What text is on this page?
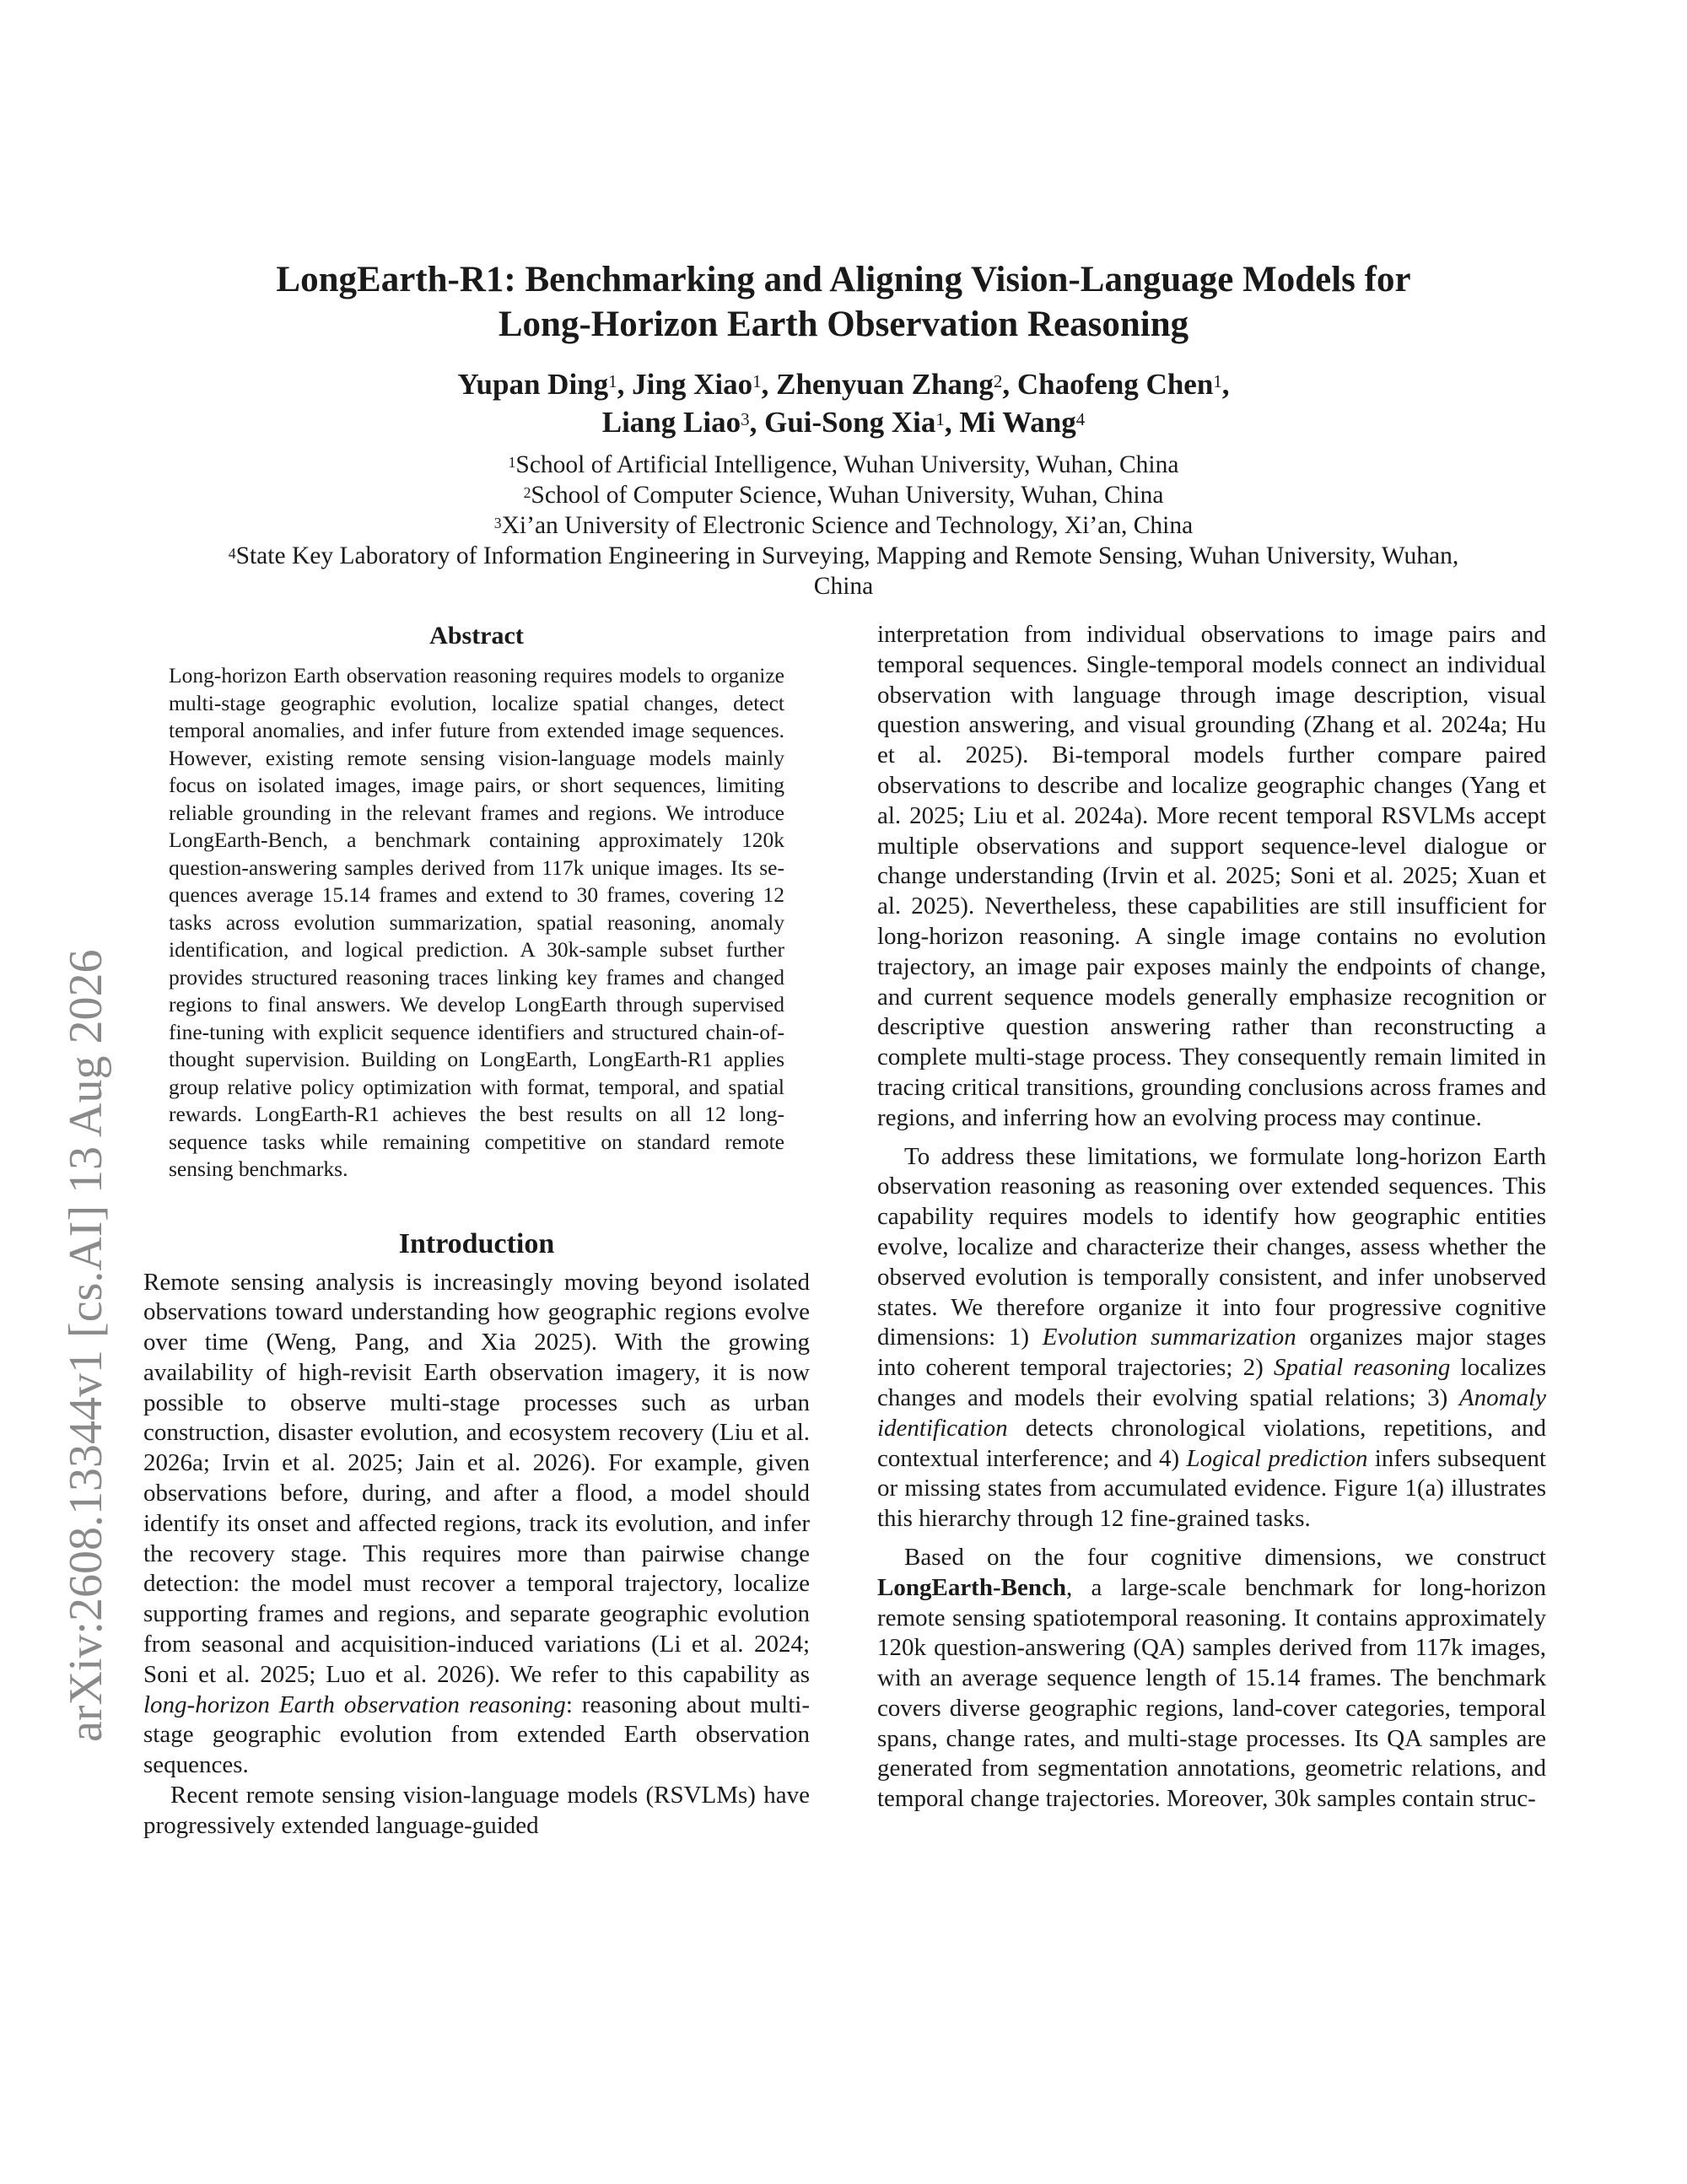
arXiv:2608.13344v1 [cs.AI] 13 Aug 2026
LongEarth-R1: Benchmarking and Aligning Vision-Language Models for
Long-Horizon Earth Observation Reasoning
Yupan Ding$^1$, Jing Xiao$^1$, Zhenyuan Zhang$^2$, Chaofeng Chen$^1$,
Liang Liao$^3$, Gui-Song Xia$^1$, Mi Wang$^4$
$^1$School of Artificial Intelligence, Wuhan University, Wuhan, China
$^2$School of Computer Science, Wuhan University, Wuhan, China
$^3$Xi’an University of Electronic Science and Technology, Xi’an, China
$^4$State Key Laboratory of Information Engineering in Surveying, Mapping and Remote Sensing, Wuhan University, Wuhan,
China
Abstract

Long-horizon Earth observation reasoning requires models to organize multi-stage geographic evolution, localize spatial changes, detect temporal anomalies, and infer future from extended image sequences. However, existing remote sensing vision-language models mainly focus on isolated images, image pairs, or short sequences, limiting reliable grounding in the relevant frames and regions. We introduce LongEarth-Bench, a benchmark containing approximately 120k question-answering samples derived from 117k unique images. Its sequences average 15.14 frames and extend to 30 frames, covering 12 tasks across evolution summarization, spatial reasoning, anomaly identification, and logical prediction. A 30k-sample subset further provides structured reasoning traces linking key frames and changed regions to final answers. We develop LongEarth through supervised fine-tuning with explicit sequence identifiers and structured chain-of-thought supervision. Building on LongEarth, LongEarth-R1 applies group relative policy optimization with format, temporal, and spatial rewards. LongEarth-R1 achieves the best results on all 12 long-sequence tasks while remaining competitive on standard remote sensing benchmarks.

Introduction

Remote sensing analysis is increasingly moving beyond isolated observations toward understanding how geographic regions evolve over time (Weng, Pang, and Xia 2025). With the growing availability of high-revisit Earth observation imagery, it is now possible to observe multi-stage processes such as urban construction, disaster evolution, and ecosystem recovery (Liu et al. 2026a; Irvin et al. 2025; Jain et al. 2026). For example, given observations before, during, and after a flood, a model should identify its onset and affected regions, track its evolution, and infer the recovery stage. This requires more than pairwise change detection: the model must recover a temporal trajectory, localize supporting frames and regions, and separate geographic evolution from seasonal and acquisition-induced variations (Li et al. 2024; Soni et al. 2025; Luo et al. 2026). We refer to this capability as long-horizon Earth observation reasoning: reasoning about multi-stage geographic evolution from extended Earth observation sequences.

Recent remote sensing vision-language models (RSVLMs) have progressively extended language-guided

interpretation from individual observations to image pairs and temporal sequences. Single-temporal models connect an individual observation with language through image description, visual question answering, and visual grounding (Zhang et al. 2024a; Hu et al. 2025). Bi-temporal models further compare paired observations to describe and localize geographic changes (Yang et al. 2025; Liu et al. 2024a). More recent temporal RSVLMs accept multiple observations and support sequence-level dialogue or change understanding (Irvin et al. 2025; Soni et al. 2025; Xuan et al. 2025). Nevertheless, these capabilities are still insufficient for long-horizon reasoning. A single image contains no evolution trajectory, an image pair exposes mainly the endpoints of change, and current sequence models generally emphasize recognition or descriptive question answering rather than reconstructing a complete multi-stage process. They consequently remain limited in tracing critical transitions, grounding conclusions across frames and regions, and inferring how an evolving process may continue.

To address these limitations, we formulate long-horizon Earth observation reasoning as reasoning over extended sequences. This capability requires models to identify how geographic entities evolve, localize and characterize their changes, assess whether the observed evolution is temporally consistent, and infer unobserved states. We therefore organize it into four progressive cognitive dimensions: 1) Evolution summarization organizes major stages into coherent temporal trajectories; 2) Spatial reasoning localizes changes and models their evolving spatial relations; 3) Anomaly identification detects chronological violations, repetitions, and contextual interference; and 4) Logical prediction infers subsequent or missing states from accumulated evidence. Figure 1(a) illustrates this hierarchy through 12 fine-grained tasks.

Based on the four cognitive dimensions, we construct LongEarth-Bench, a large-scale benchmark for long-horizon remote sensing spatiotemporal reasoning. It contains approximately 120k question-answering (QA) samples derived from 117k images, with an average sequence length of 15.14 frames. The benchmark covers diverse geographic regions, land-cover categories, temporal spans, change rates, and multi-stage processes. Its QA samples are generated from segmentation annotations, geometric relations, and temporal change trajectories. Moreover, 30k samples contain struc-
